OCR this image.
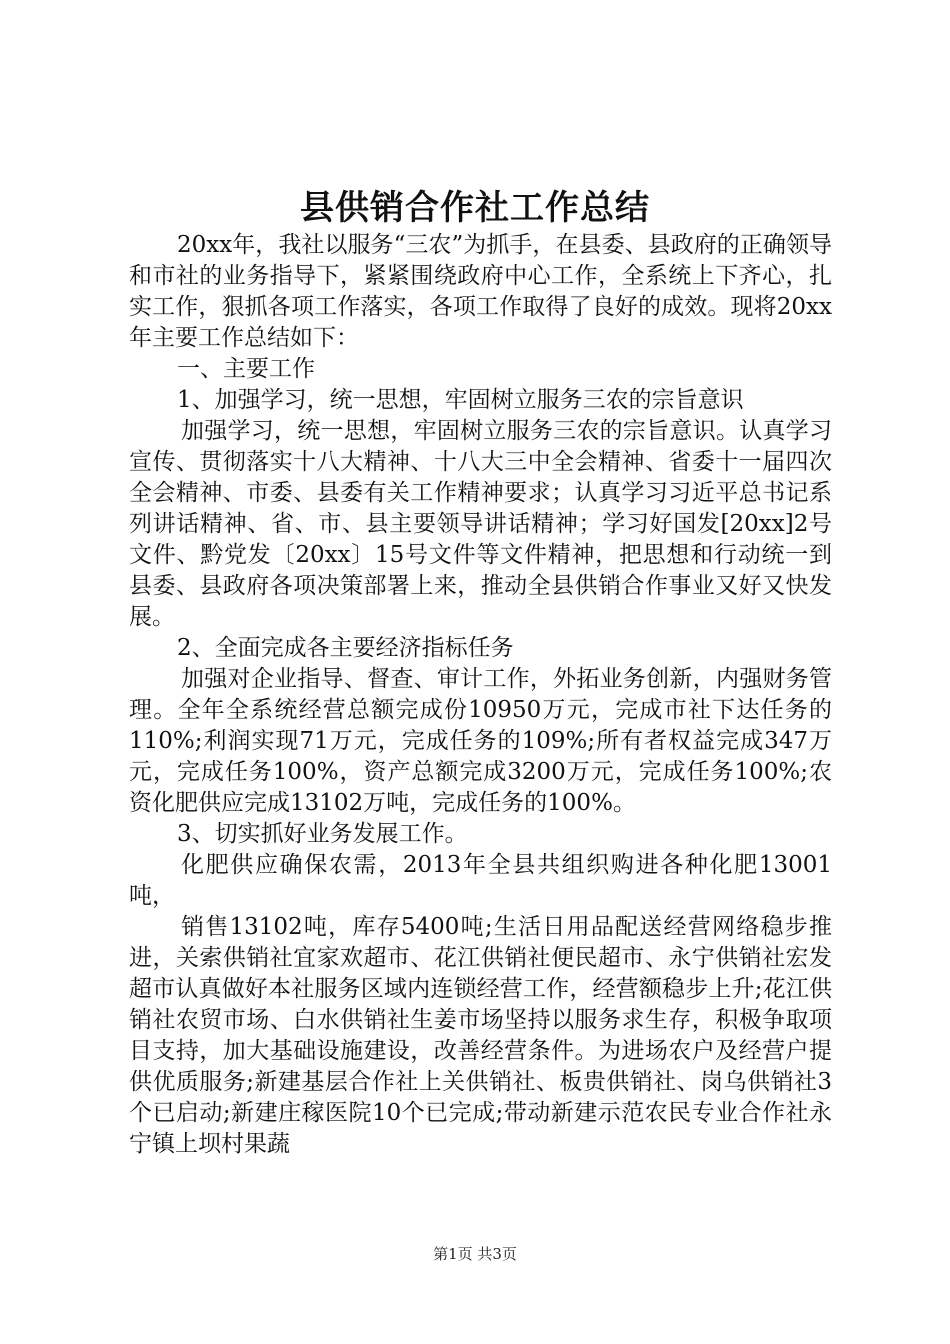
县供销合作社工作总结

20xx年，我社以服务“三农”为抓手，在县委、县政府的正确领导和市社的业务指导下，紧紧围绕政府中心工作，全系统上下齐心，扎实工作，狠抓各项工作落实，各项工作取得了良好的成效。现将20xx年主要工作总结如下：

一、主要工作

1、加强学习，统一思想，牢固树立服务三农的宗旨意识

加强学习，统一思想，牢固树立服务三农的宗旨意识。认真学习宣传、贯彻落实十八大精神、十八大三中全会精神、省委十一届四次全会精神、市委、县委有关工作精神要求；认真学习习近平总书记系列讲话精神、省、市、县主要领导讲话精神；学习好国发[20xx]2号文件、黔党发〔20xx〕15号文件等文件精神，把思想和行动统一到县委、县政府各项决策部署上来，推动全县供销合作事业又好又快发展。

2、全面完成各主要经济指标任务

加强对企业指导、督查、审计工作，外拓业务创新，内强财务管理。全年全系统经营总额完成份10950万元，完成市社下达任务的110%;利润实现71万元，完成任务的109%;所有者权益完成347万元，完成任务100%，资产总额完成3200万元，完成任务100%;农资化肥供应完成13102万吨，完成任务的100%。

3、切实抓好业务发展工作。

化肥供应确保农需，2013年全县共组织购进各种化肥13001吨，

销售13102吨，库存5400吨;生活日用品配送经营网络稳步推进，关索供销社宜家欢超市、花江供销社便民超市、永宁供销社宏发超市认真做好本社服务区域内连锁经营工作，经营额稳步上升;花江供销社农贸市场、白水供销社生姜市场坚持以服务求生存，积极争取项目支持，加大基础设施建设，改善经营条件。为进场农户及经营户提供优质服务;新建基层合作社上关供销社、板贵供销社、岗乌供销社3个已启动;新建庄稼医院10个已完成;带动新建示范农民专业合作社永宁镇上坝村果蔬

第1页 共3页
